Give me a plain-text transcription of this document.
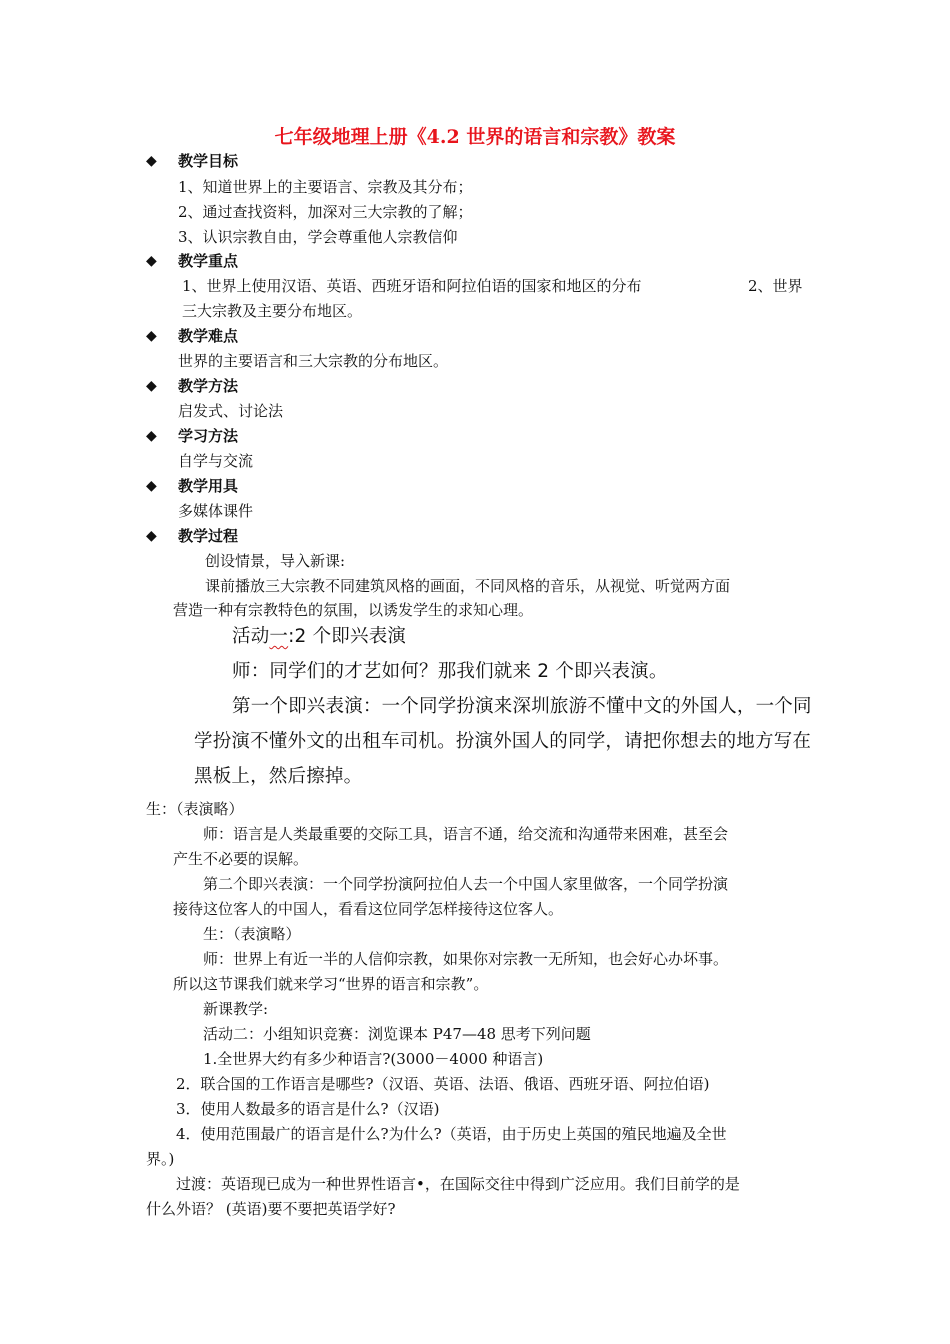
七年级地理上册《4.2 世界的语言和宗教》教案
◆ 教学目标
1、知道世界上的主要语言、宗教及其分布；
2、通过查找资料，加深对三大宗教的了解；
3、认识宗教自由，学会尊重他人宗教信仰
◆ 教学重点
1、世界上使用汉语、英语、西班牙语和阿拉伯语的国家和地区的分布	2、世界
三大宗教及主要分布地区。
◆ 教学难点
世界的主要语言和三大宗教的分布地区。
◆ 教学方法
启发式、讨论法
◆ 学习方法
自学与交流
◆ 教学用具
多媒体课件
◆ 教学过程
创设情景，导入新课:
课前播放三大宗教不同建筑风格的画面，不同风格的音乐，从视觉、听觉两方面
营造一种有宗教特色的氛围，以诱发学生的求知心理。
活动一:2 个即兴表演
师：同学们的才艺如何？那我们就来 2 个即兴表演。
第一个即兴表演：一个同学扮演来深圳旅游不懂中文的外国人，一个同
学扮演不懂外文的出租车司机。扮演外国人的同学，请把你想去的地方写在
黑板上，然后擦掉。
生：（表演略）
师：语言是人类最重要的交际工具，语言不通，给交流和沟通带来困难，甚至会
产生不必要的误解。
第二个即兴表演：一个同学扮演阿拉伯人去一个中国人家里做客，一个同学扮演
接待这位客人的中国人，看看这位同学怎样接待这位客人。
生：（表演略）
师：世界上有近一半的人信仰宗教，如果你对宗教一无所知，也会好心办坏事。
所以这节课我们就来学习“世界的语言和宗教”。
新课教学:
活动二：小组知识竞赛：浏览课本 P47—48 思考下列问题
1.全世界大约有多少种语言?(3000－4000 种语言)
2．联合国的工作语言是哪些?（汉语、英语、法语、俄语、西班牙语、阿拉伯语)
3．使用人数最多的语言是什么?（汉语)
4．使用范围最广的语言是什么?为什么?（英语，由于历史上英国的殖民地遍及全世
界。)
过渡：英语现已成为一种世界性语言•，在国际交往中得到广泛应用。我们目前学的是
什么外语？ (英语)要不要把英语学好?
